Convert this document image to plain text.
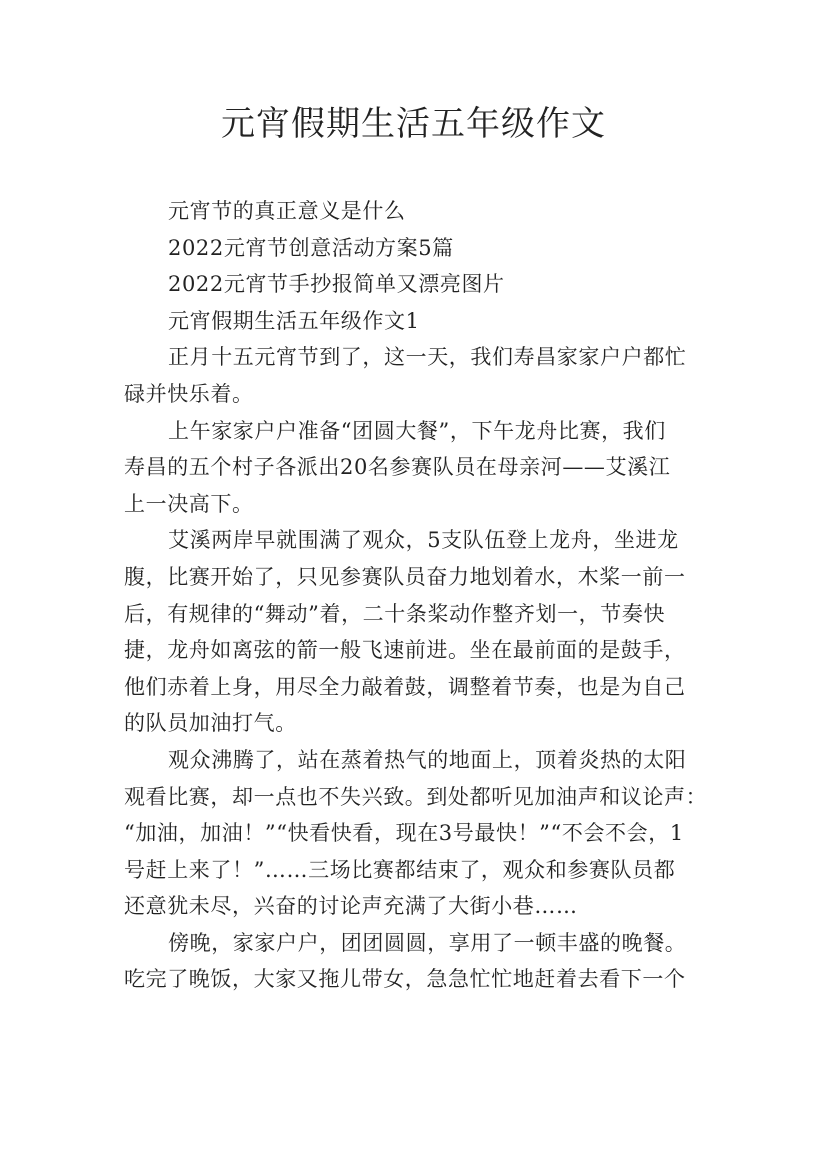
元宵假期生活五年级作文
元宵节的真正意义是什么
2022元宵节创意活动方案5篇
2022元宵节手抄报简单又漂亮图片
元宵假期生活五年级作文1
正月十五元宵节到了，这一天，我们寿昌家家户户都忙
碌并快乐着。
上午家家户户准备“团圆大餐”，下午龙舟比赛，我们
寿昌的五个村子各派出20名参赛队员在母亲河——艾溪江
上一决高下。
艾溪两岸早就围满了观众，5支队伍登上龙舟，坐进龙
腹，比赛开始了，只见参赛队员奋力地划着水，木桨一前一
后，有规律的“舞动”着，二十条桨动作整齐划一，节奏快
捷，龙舟如离弦的箭一般飞速前进。坐在最前面的是鼓手，
他们赤着上身，用尽全力敲着鼓，调整着节奏，也是为自己
的队员加油打气。
观众沸腾了，站在蒸着热气的地面上，顶着炎热的太阳
观看比赛，却一点也不失兴致。到处都听见加油声和议论声：
“加油，加油！”“快看快看，现在3号最快！”“不会不会，1
号赶上来了！”……三场比赛都结束了，观众和参赛队员都
还意犹未尽，兴奋的讨论声充满了大街小巷……
傍晚，家家户户，团团圆圆，享用了一顿丰盛的晚餐。
吃完了晚饭，大家又拖儿带女，急急忙忙地赶着去看下一个
